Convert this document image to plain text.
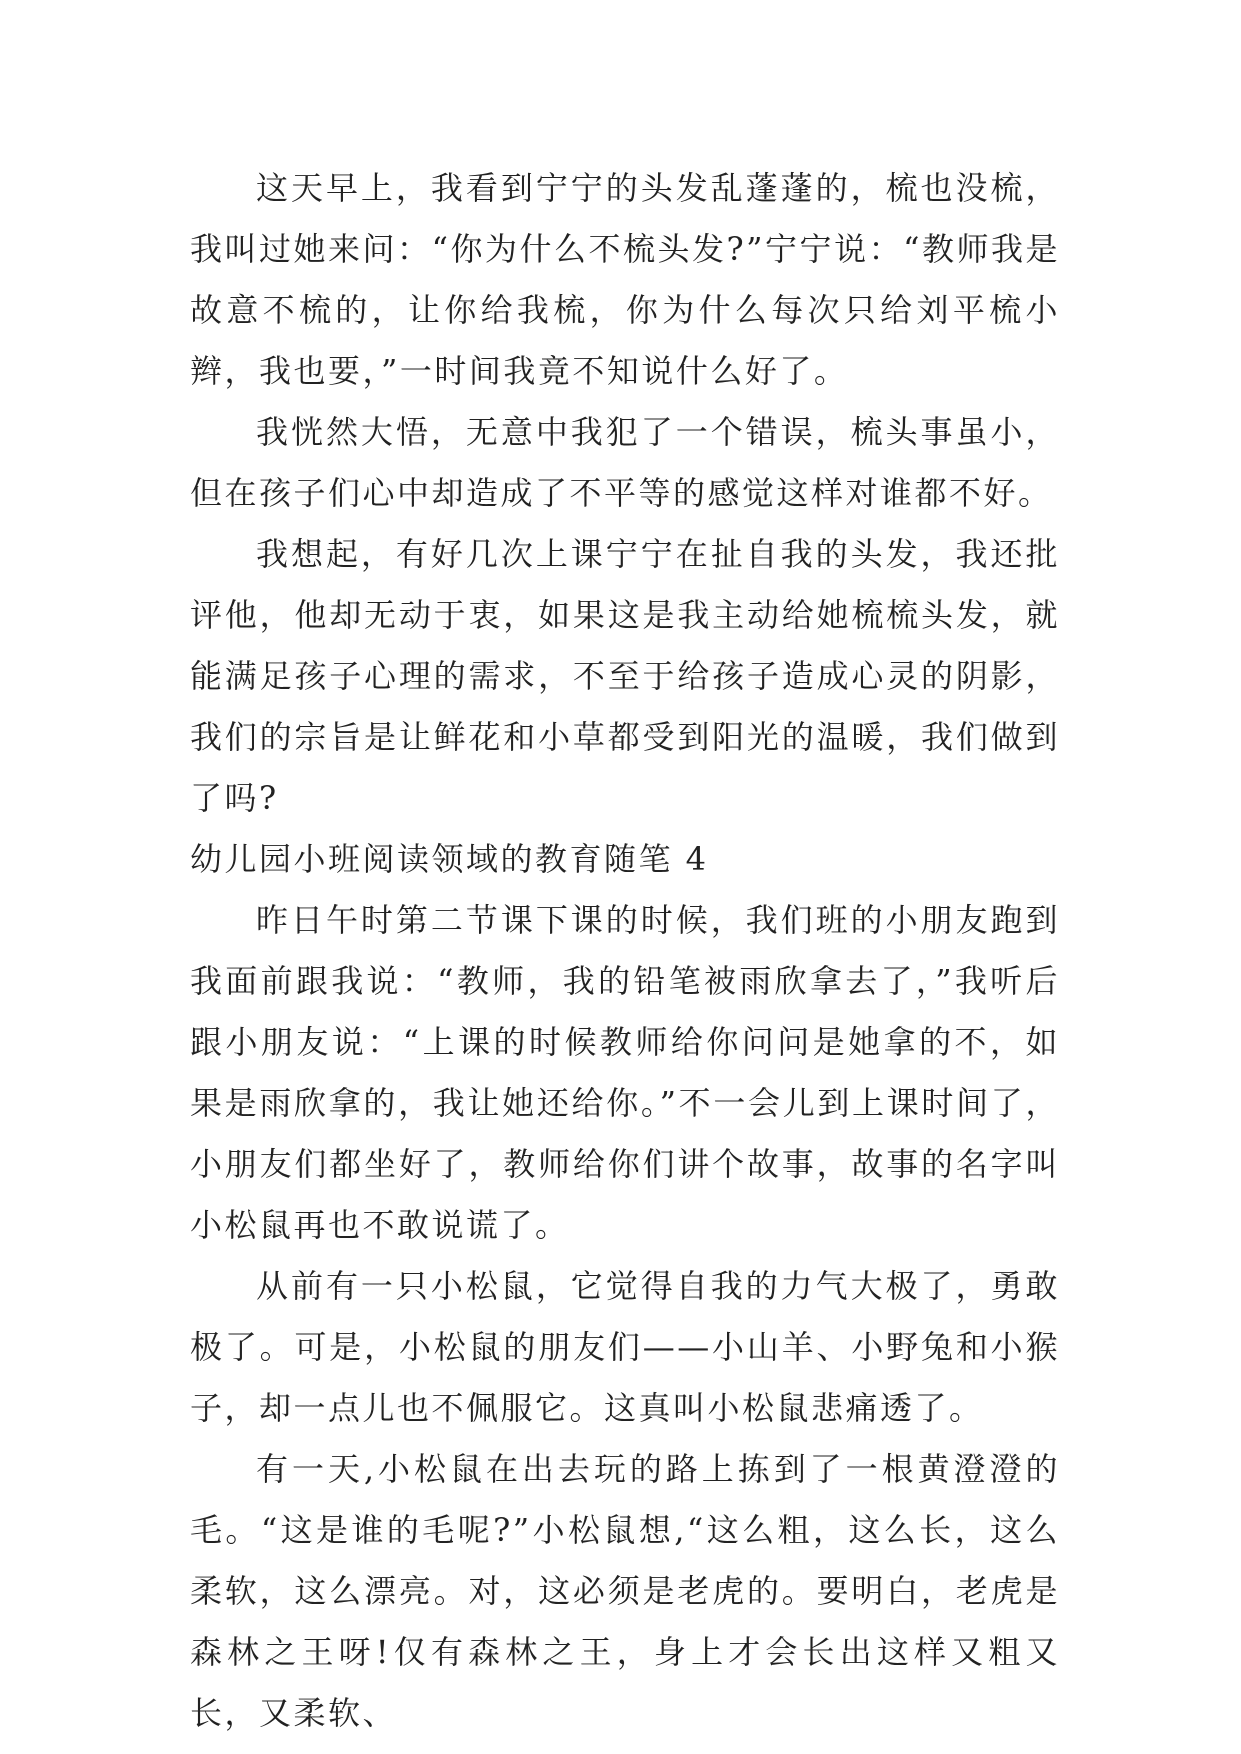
这天早上，我看到宁宁的头发乱蓬蓬的，梳也没梳，我叫过她来问：“你为什么不梳头发?”宁宁说：“教师我是故意不梳的，让你给我梳，你为什么每次只给刘平梳小辫，我也要，”一时间我竟不知说什么好了。

我恍然大悟，无意中我犯了一个错误，梳头事虽小，但在孩子们心中却造成了不平等的感觉这样对谁都不好。

我想起，有好几次上课宁宁在扯自我的头发，我还批评他，他却无动于衷，如果这是我主动给她梳梳头发，就能满足孩子心理的需求，不至于给孩子造成心灵的阴影，我们的宗旨是让鲜花和小草都受到阳光的温暖，我们做到了吗?

幼儿园小班阅读领域的教育随笔 4

昨日午时第二节课下课的时候，我们班的小朋友跑到我面前跟我说：“教师，我的铅笔被雨欣拿去了，”我听后跟小朋友说：“上课的时候教师给你问问是她拿的不，如果是雨欣拿的，我让她还给你。”不一会儿到上课时间了，小朋友们都坐好了，教师给你们讲个故事，故事的名字叫小松鼠再也不敢说谎了。

从前有一只小松鼠，它觉得自我的力气大极了，勇敢极了。可是，小松鼠的朋友们——小山羊、小野兔和小猴子，却一点儿也不佩服它。这真叫小松鼠悲痛透了。

有一天,小松鼠在出去玩的路上拣到了一根黄澄澄的毛。“这是谁的毛呢?”小松鼠想,“这么粗，这么长，这么柔软，这么漂亮。对，这必须是老虎的。要明白，老虎是森林之王呀!仅有森林之王，身上才会长出这样又粗又长，又柔软、
